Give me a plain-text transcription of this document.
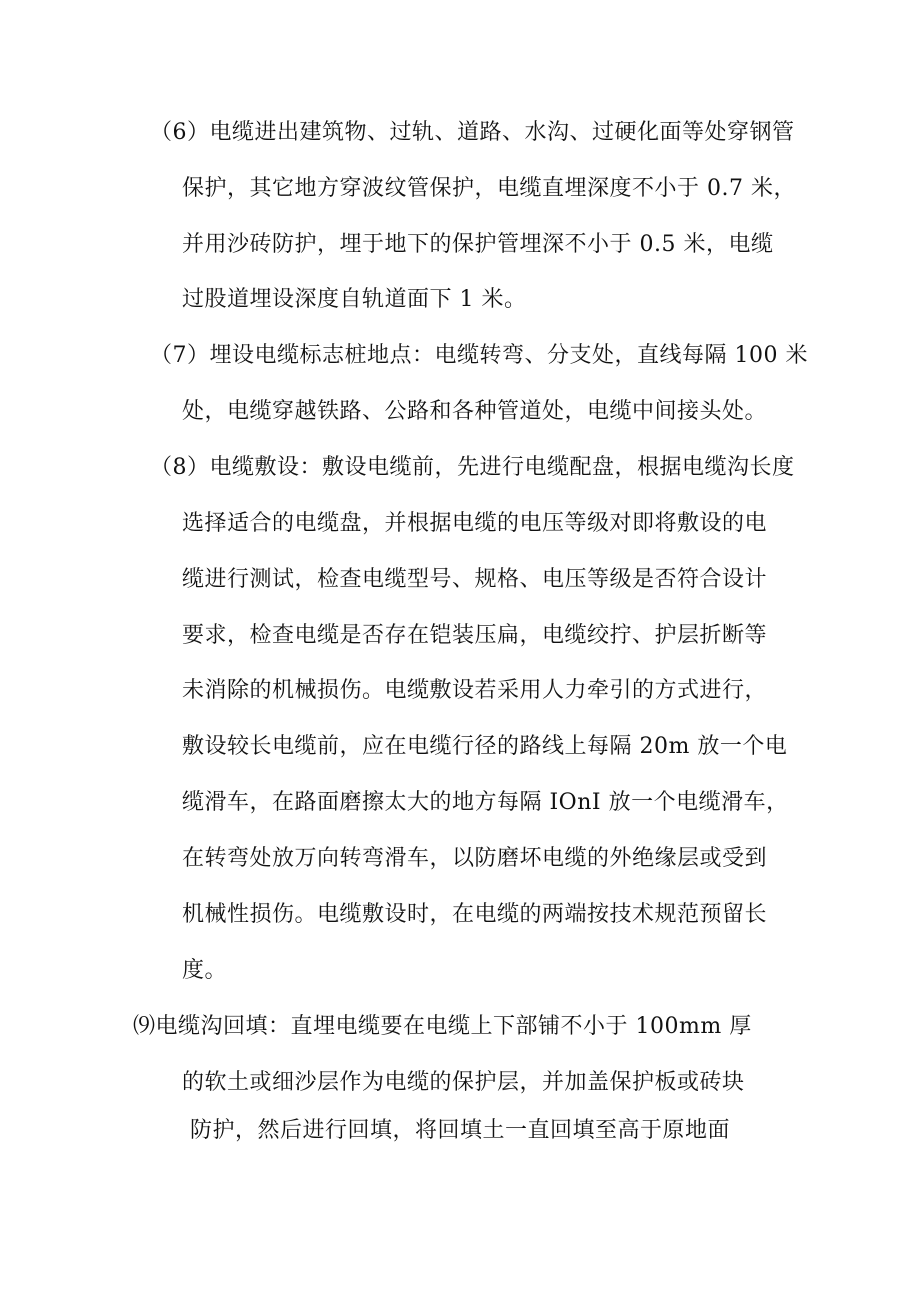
（6）电缆进出建筑物、过轨、道路、水沟、过硬化面等处穿钢管
保护，其它地方穿波纹管保护，电缆直埋深度不小于 0.7 米，
并用沙砖防护，埋于地下的保护管埋深不小于 0.5 米，电缆
过股道埋设深度自轨道面下 1 米。
（7）埋设电缆标志桩地点：电缆转弯、分支处，直线每隔 100 米
处，电缆穿越铁路、公路和各种管道处，电缆中间接头处。
（8）电缆敷设：敷设电缆前，先进行电缆配盘，根据电缆沟长度
选择适合的电缆盘，并根据电缆的电压等级对即将敷设的电
缆进行测试，检查电缆型号、规格、电压等级是否符合设计
要求，检查电缆是否存在铠装压扁，电缆绞拧、护层折断等
未消除的机械损伤。电缆敷设若采用人力牵引的方式进行，
敷设较长电缆前，应在电缆行径的路线上每隔 20m 放一个电
缆滑车，在路面磨擦太大的地方每隔 IOnI 放一个电缆滑车，
在转弯处放万向转弯滑车，以防磨坏电缆的外绝缘层或受到
机械性损伤。电缆敷设时，在电缆的两端按技术规范预留长
度。
⑼电缆沟回填：直埋电缆要在电缆上下部铺不小于 100mm 厚
的软土或细沙层作为电缆的保护层，并加盖保护板或砖块
防护，然后进行回填，将回填土一直回填至高于原地面
